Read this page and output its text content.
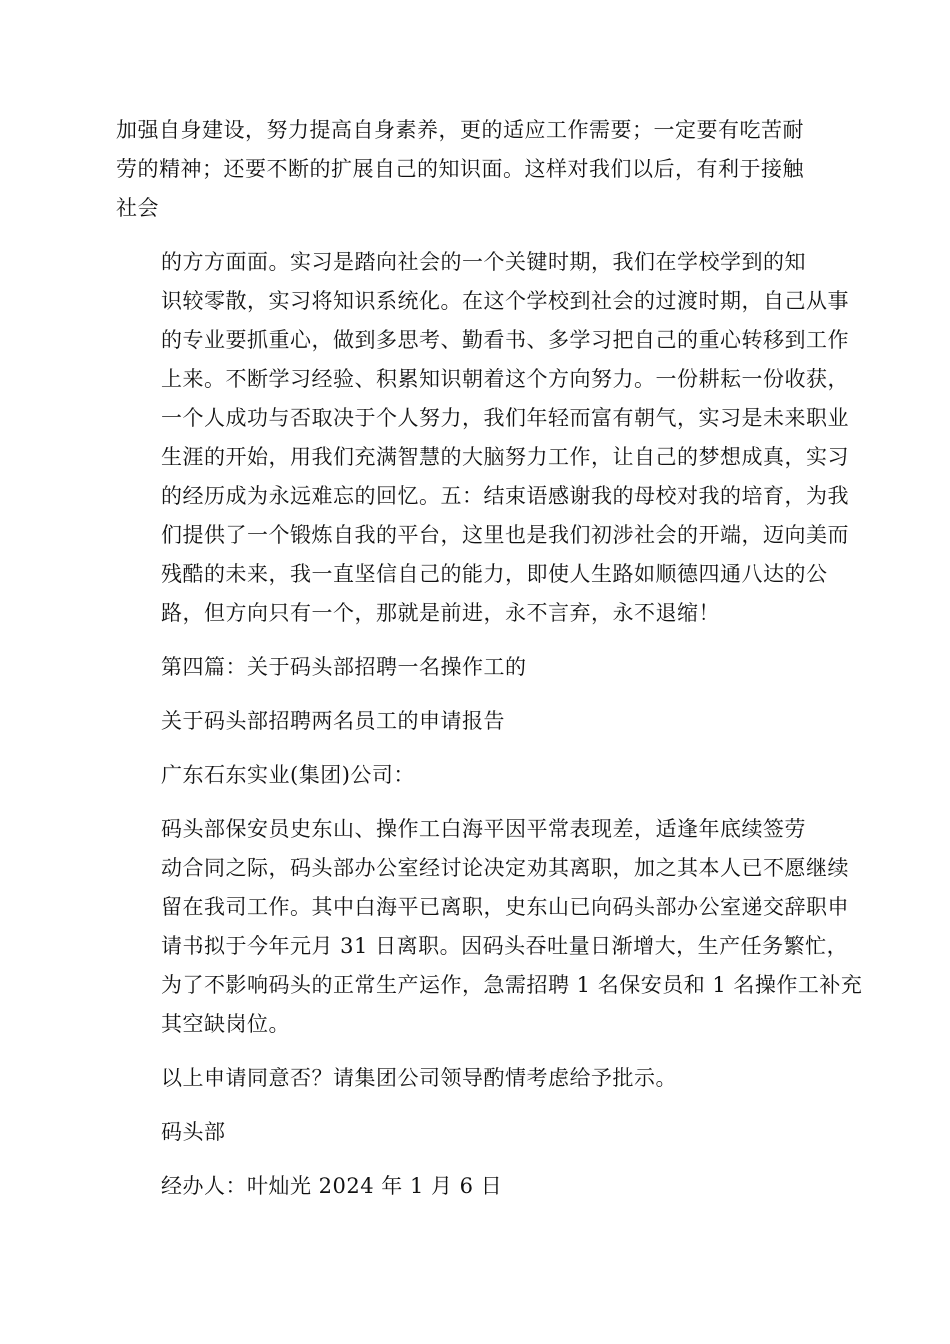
加强自身建设，努力提高自身素养，更的适应工作需要；一定要有吃苦耐
劳的精神；还要不断的扩展自己的知识面。这样对我们以后，有利于接触
社会

的方方面面。实习是踏向社会的一个关键时期，我们在学校学到的知
识较零散，实习将知识系统化。在这个学校到社会的过渡时期，自己从事
的专业要抓重心，做到多思考、勤看书、多学习把自己的重心转移到工作
上来。不断学习经验、积累知识朝着这个方向努力。一份耕耘一份收获，
一个人成功与否取决于个人努力，我们年轻而富有朝气，实习是未来职业
生涯的开始，用我们充满智慧的大脑努力工作，让自己的梦想成真，实习
的经历成为永远难忘的回忆。五：结束语感谢我的母校对我的培育，为我
们提供了一个锻炼自我的平台，这里也是我们初涉社会的开端，迈向美而
残酷的未来，我一直坚信自己的能力，即使人生路如顺德四通八达的公
路，但方向只有一个，那就是前进，永不言弃，永不退缩！

第四篇：关于码头部招聘一名操作工的

关于码头部招聘两名员工的申请报告

广东石东实业(集团)公司：

码头部保安员史东山、操作工白海平因平常表现差，适逢年底续签劳
动合同之际，码头部办公室经讨论决定劝其离职，加之其本人已不愿继续
留在我司工作。其中白海平已离职，史东山已向码头部办公室递交辞职申
请书拟于今年元月 31 日离职。因码头吞吐量日渐增大，生产任务繁忙，
为了不影响码头的正常生产运作，急需招聘 1 名保安员和 1 名操作工补充
其空缺岗位。

以上申请同意否？请集团公司领导酌情考虑给予批示。

码头部

经办人：叶灿光 2024 年 1 月 6 日
